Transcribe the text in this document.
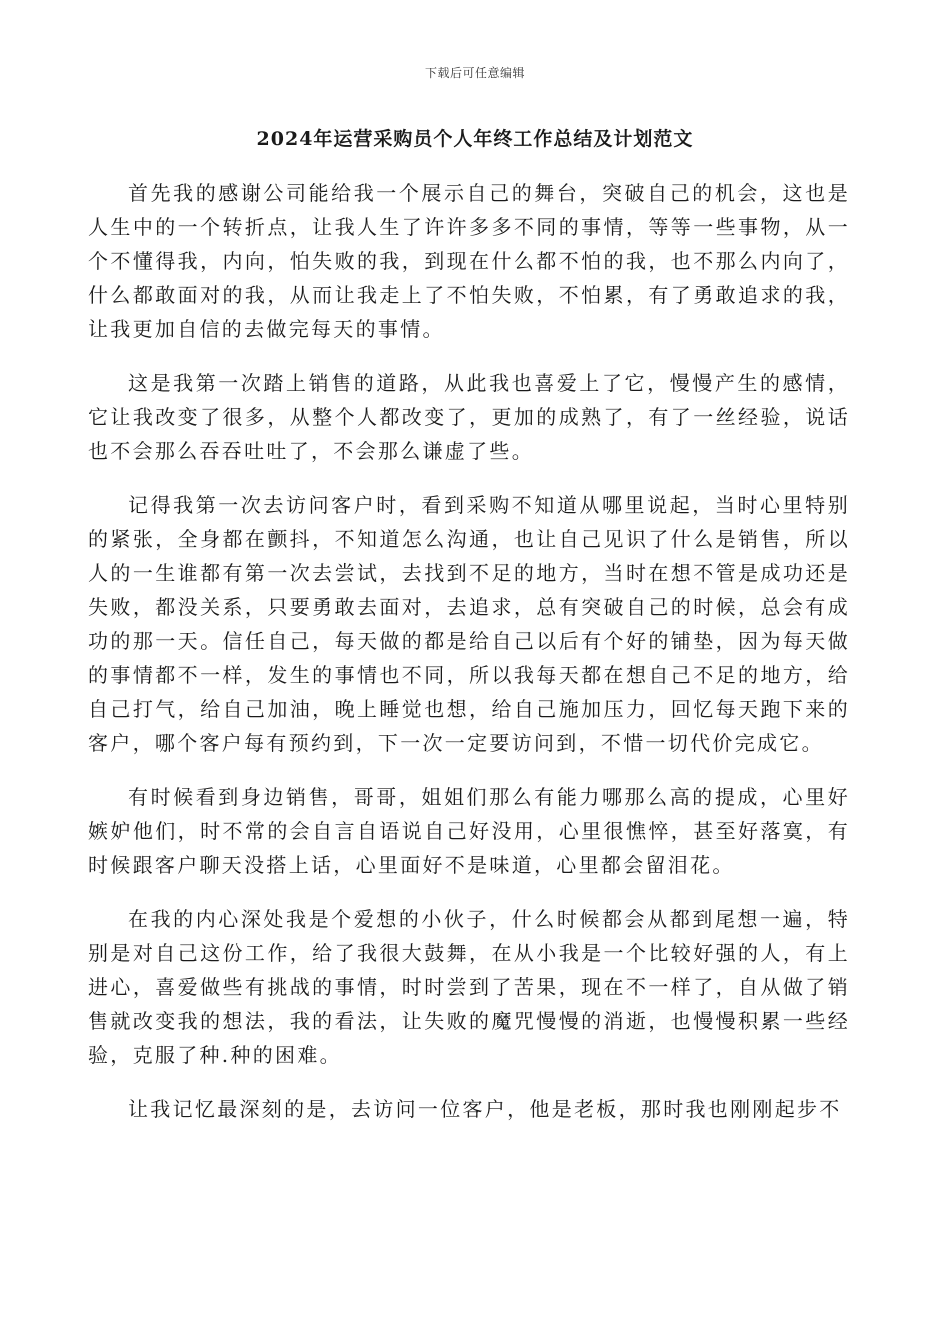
下载后可任意编辑
2024年运营采购员个人年终工作总结及计划范文

首先我的感谢公司能给我一个展示自己的舞台，突破自己的机会，这也是人生中的一个转折点，让我人生了许许多多不同的事情，等等一些事物，从一个不懂得我，内向，怕失败的我，到现在什么都不怕的我，也不那么内向了，什么都敢面对的我，从而让我走上了不怕失败，不怕累，有了勇敢追求的我，让我更加自信的去做完每天的事情。

这是我第一次踏上销售的道路，从此我也喜爱上了它，慢慢产生的感情，它让我改变了很多，从整个人都改变了，更加的成熟了，有了一丝经验，说话也不会那么吞吞吐吐了，不会那么谦虚了些。

记得我第一次去访问客户时，看到采购不知道从哪里说起，当时心里特别的紧张，全身都在颤抖，不知道怎么沟通，也让自己见识了什么是销售，所以人的一生谁都有第一次去尝试，去找到不足的地方，当时在想不管是成功还是失败，都没关系，只要勇敢去面对，去追求，总有突破自己的时候，总会有成功的那一天。信任自己，每天做的都是给自己以后有个好的铺垫，因为每天做的事情都不一样，发生的事情也不同，所以我每天都在想自己不足的地方，给自己打气，给自己加油，晚上睡觉也想，给自己施加压力，回忆每天跑下来的客户，哪个客户每有预约到，下一次一定要访问到，不惜一切代价完成它。

有时候看到身边销售，哥哥，姐姐们那么有能力哪那么高的提成，心里好嫉妒他们，时不常的会自言自语说自己好没用，心里很憔悴，甚至好落寞，有时候跟客户聊天没搭上话，心里面好不是味道，心里都会留泪花。

在我的内心深处我是个爱想的小伙子，什么时候都会从都到尾想一遍，特别是对自己这份工作，给了我很大鼓舞，在从小我是一个比较好强的人，有上进心，喜爱做些有挑战的事情，时时尝到了苦果，现在不一样了，自从做了销售就改变我的想法，我的看法，让失败的魔咒慢慢的消逝，也慢慢积累一些经验，克服了种.种的困难。

让我记忆最深刻的是，去访问一位客户，他是老板，那时我也刚刚起步不
